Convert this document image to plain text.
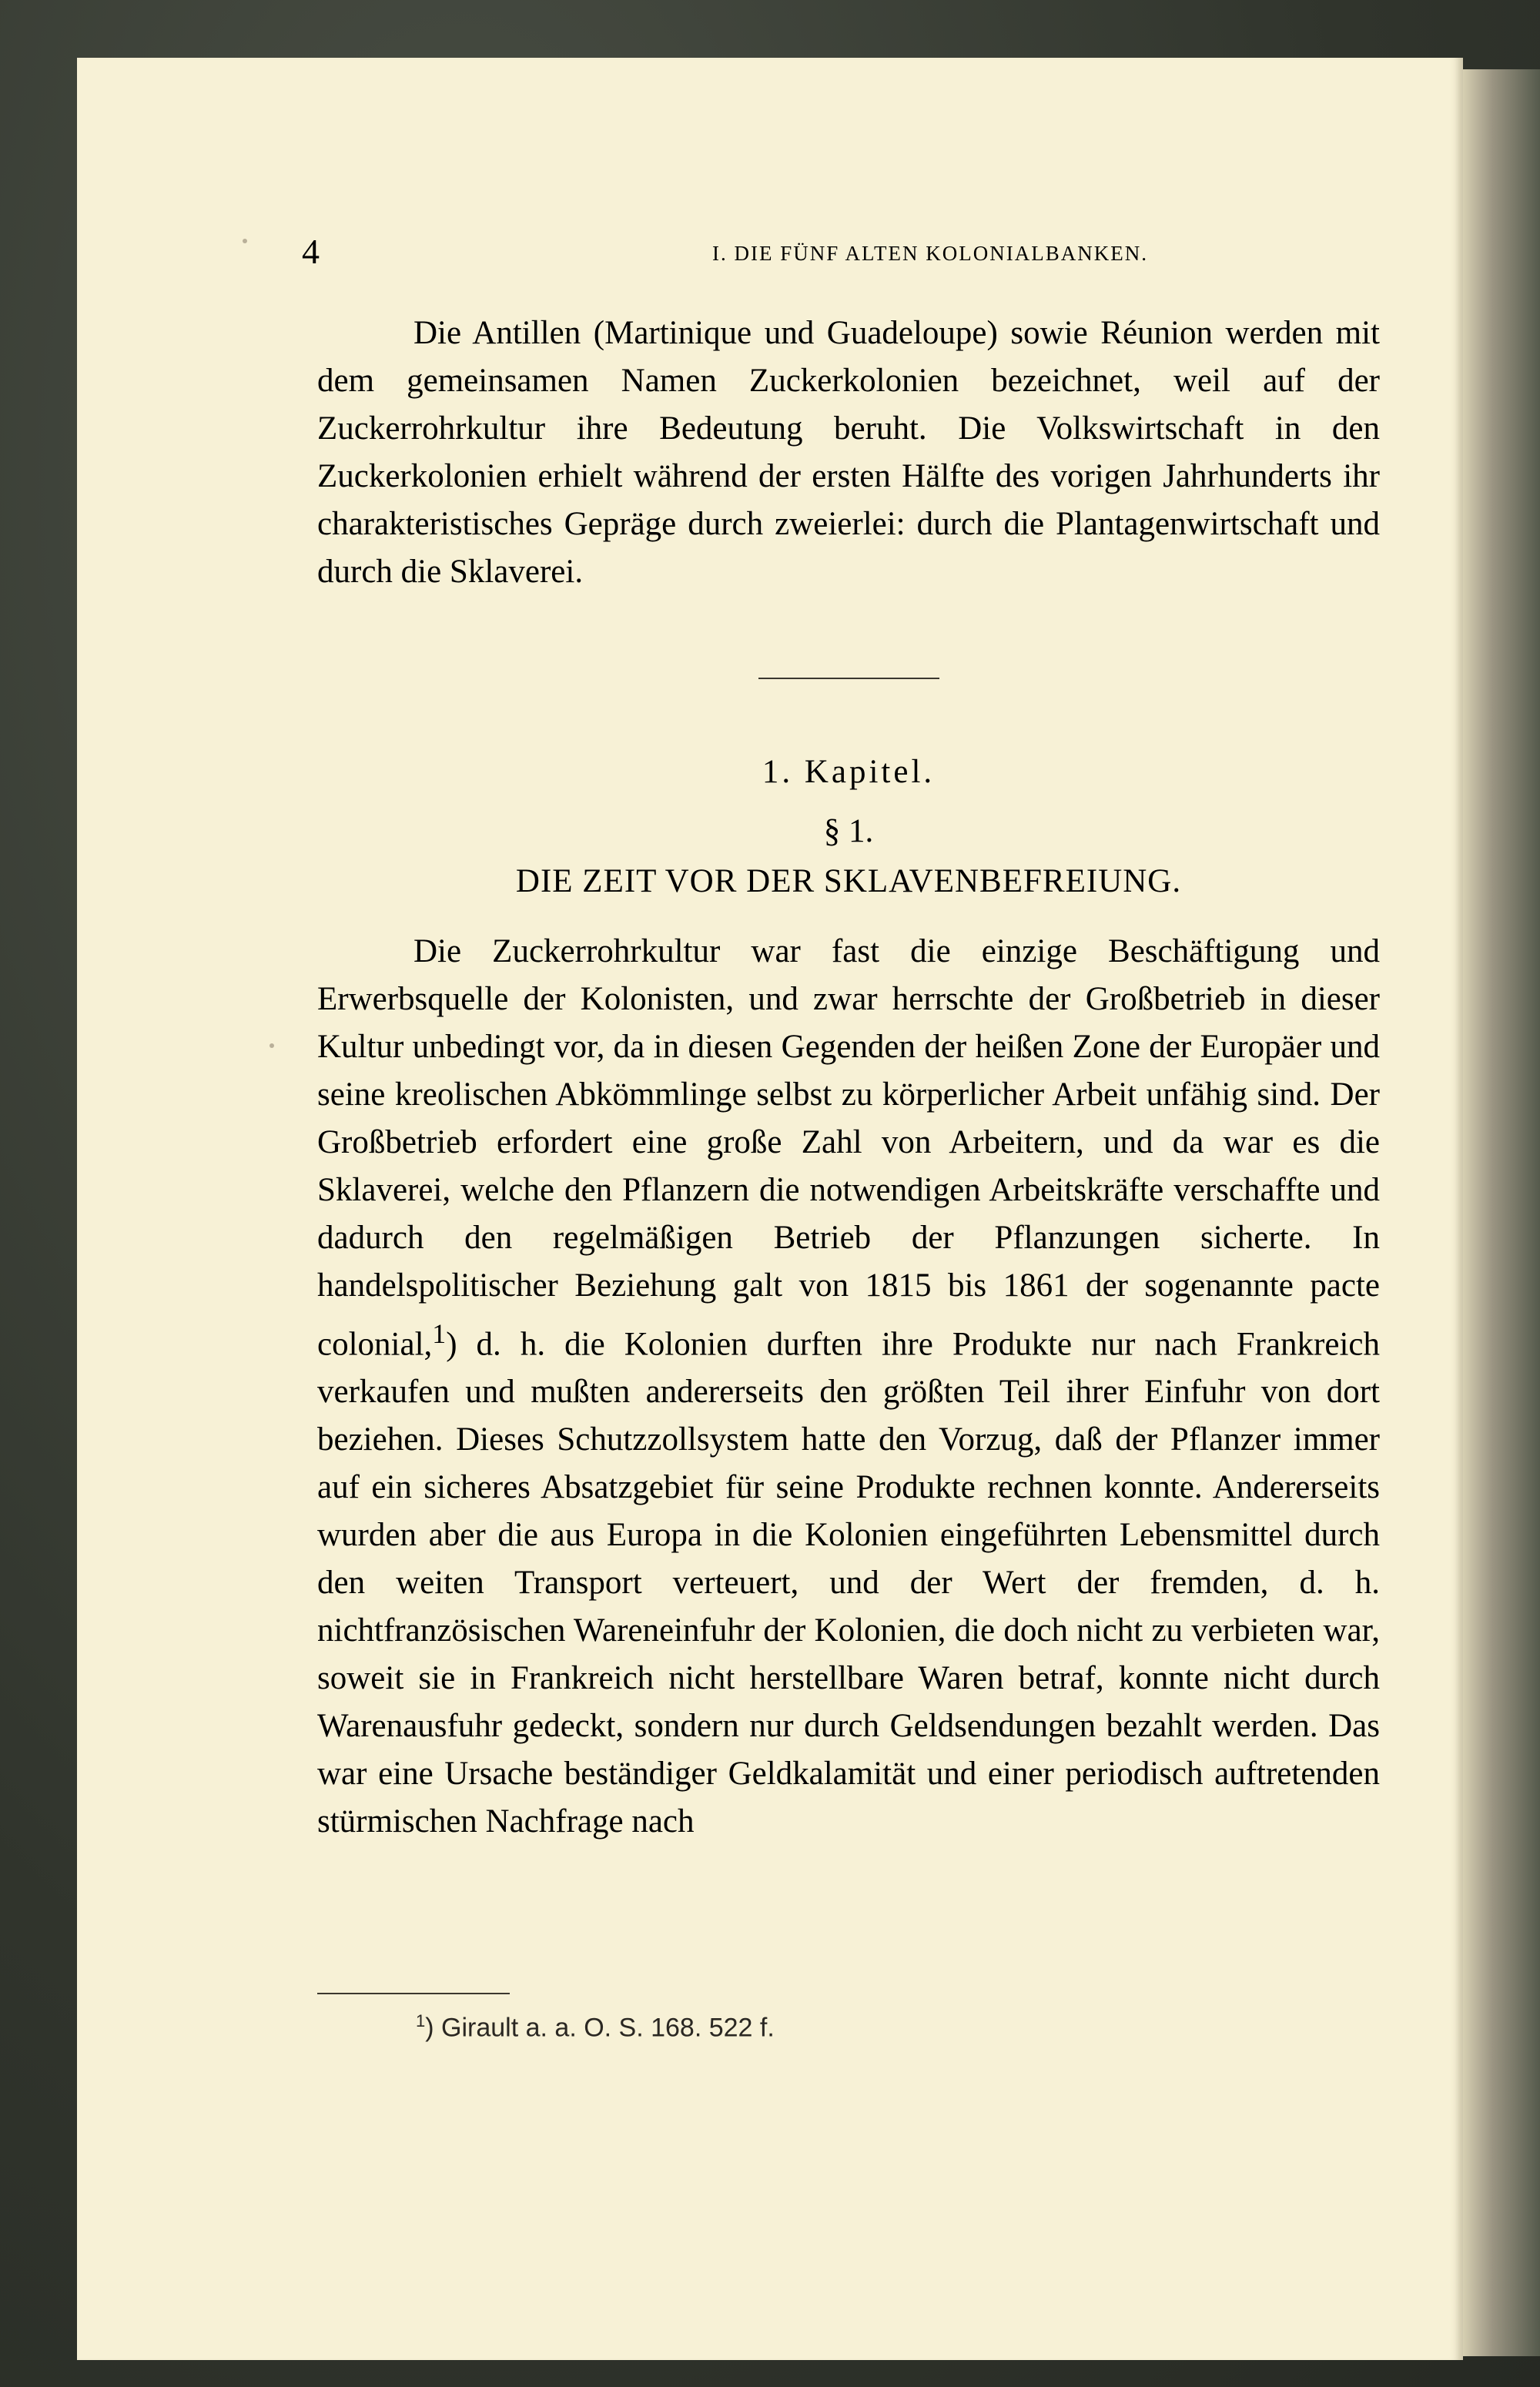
4	I. DIE FÜNF ALTEN KOLONIALBANKEN.

Die Antillen (Martinique und Guadeloupe) sowie Réunion werden mit dem gemeinsamen Namen Zuckerkolonien bezeichnet, weil auf der Zuckerrohrkultur ihre Bedeutung beruht. Die Volkswirtschaft in den Zuckerkolonien erhielt während der ersten Hälfte des vorigen Jahrhunderts ihr charakteristisches Gepräge durch zweierlei: durch die Plantagenwirtschaft und durch die Sklaverei.

1. Kapitel.
§ 1.
DIE ZEIT VOR DER SKLAVENBEFREIUNG.

Die Zuckerrohrkultur war fast die einzige Beschäftigung und Erwerbsquelle der Kolonisten, und zwar herrschte der Großbetrieb in dieser Kultur unbedingt vor, da in diesen Gegenden der heißen Zone der Europäer und seine kreolischen Abkömmlinge selbst zu körperlicher Arbeit unfähig sind. Der Großbetrieb erfordert eine große Zahl von Arbeitern, und da war es die Sklaverei, welche den Pflanzern die notwendigen Arbeitskräfte verschaffte und dadurch den regelmäßigen Betrieb der Pflanzungen sicherte. In handelspolitischer Beziehung galt von 1815 bis 1861 der sogenannte pacte colonial,$^1$) d. h. die Kolonien durften ihre Produkte nur nach Frankreich verkaufen und mußten andererseits den größten Teil ihrer Einfuhr von dort beziehen. Dieses Schutzzollsystem hatte den Vorzug, daß der Pflanzer immer auf ein sicheres Absatzgebiet für seine Produkte rechnen konnte. Andererseits wurden aber die aus Europa in die Kolonien eingeführten Lebensmittel durch den weiten Transport verteuert, und der Wert der fremden, d. h. nichtfranzösischen Wareneinfuhr der Kolonien, die doch nicht zu verbieten war, soweit sie in Frankreich nicht herstellbare Waren betraf, konnte nicht durch Warenausfuhr gedeckt, sondern nur durch Geldsendungen bezahlt werden. Das war eine Ursache beständiger Geldkalamität und einer periodisch auftretenden stürmischen Nachfrage nach

$^1$) Girault a. a. O. S. 168. 522 f.
